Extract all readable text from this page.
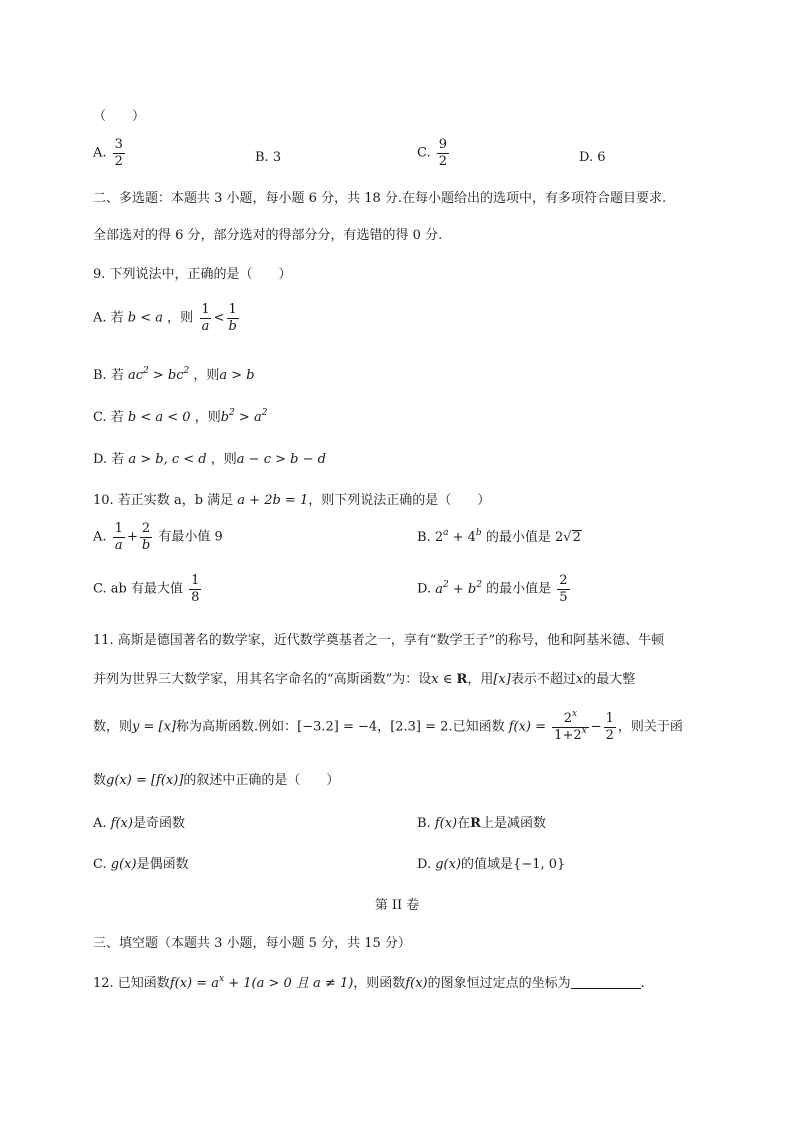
（　　）
A. $\frac{3}{2}$	B. 3	C. $\frac{9}{2}$	D. 6
二、多选题：本题共 3 小题，每小题 6 分，共 18 分.在每小题给出的选项中，有多项符合题目要求.
全部选对的得 6 分，部分选对的得部分分，有选错的得 0 分.
9. 下列说法中，正确的是（　　）
A. 若 b < a ，则 $\frac{1}{a} < \frac{1}{b}$
B. 若 $ac^2 > bc^2$ ，则a > b
C. 若 b < a < 0 ，则$b^2 > a^2$
D. 若 a > b, c < d ，则a − c > b − d
10. 若正实数 a，b 满足 a + 2b = 1，则下列说法正确的是（　　）
A. $\frac{1}{a} + \frac{2}{b}$ 有最小值 9	B. $2^a + 4^b$ 的最小值是 2 √ 2
C. ab 有最大值 $\frac{1}{8}$	D. $a^2 + b^2$ 的最小值是 $\frac{2}{5}$
11. 高斯是德国著名的数学家，近代数学奠基者之一，享有“数学王子”的称号，他和阿基米德、牛顿
并列为世界三大数学家，用其名字命名的“高斯函数”为：设x ∈ R，用[x]表示不超过x的最大整
数，则y = [x]称为高斯函数.例如：[−3.2] = −4，[2.3] = 2.已知函数 $f(x) = \frac{2^x}{1+2^x} - \frac{1}{2}$ ，则关于函
数g(x) = [f(x)]的叙述中正确的是（　　）
A. f(x)是奇函数	B. f(x)在R上是减函数
C. g(x)是偶函数	D. g(x)的值域是{−1, 0}
第 II 卷
三、填空题（本题共 3 小题，每小题 5 分，共 15 分）
12. 已知函数$f(x) = a^x + 1(a > 0$ 且 a ≠ 1)，则函数f(x)的图象恒过定点的坐标为	.
